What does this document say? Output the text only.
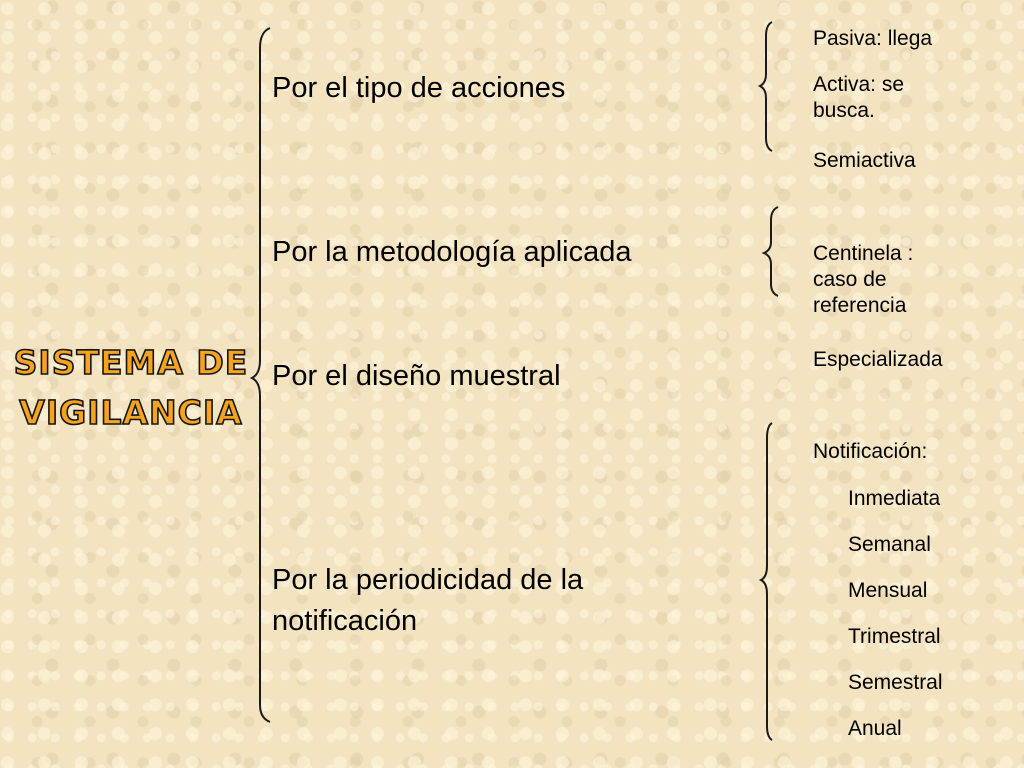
SISTEMA DE
VIGILANCIA

Por el tipo de acciones

Por la metodología aplicada

Por el diseño muestral

Por la periodicidad de la
notificación

Pasiva: llega

Activa: se
busca.

Semiactiva

Centinela :
caso de
referencia

Especializada

Notificación:

Inmediata

Semanal

Mensual

Trimestral

Semestral

Anual
